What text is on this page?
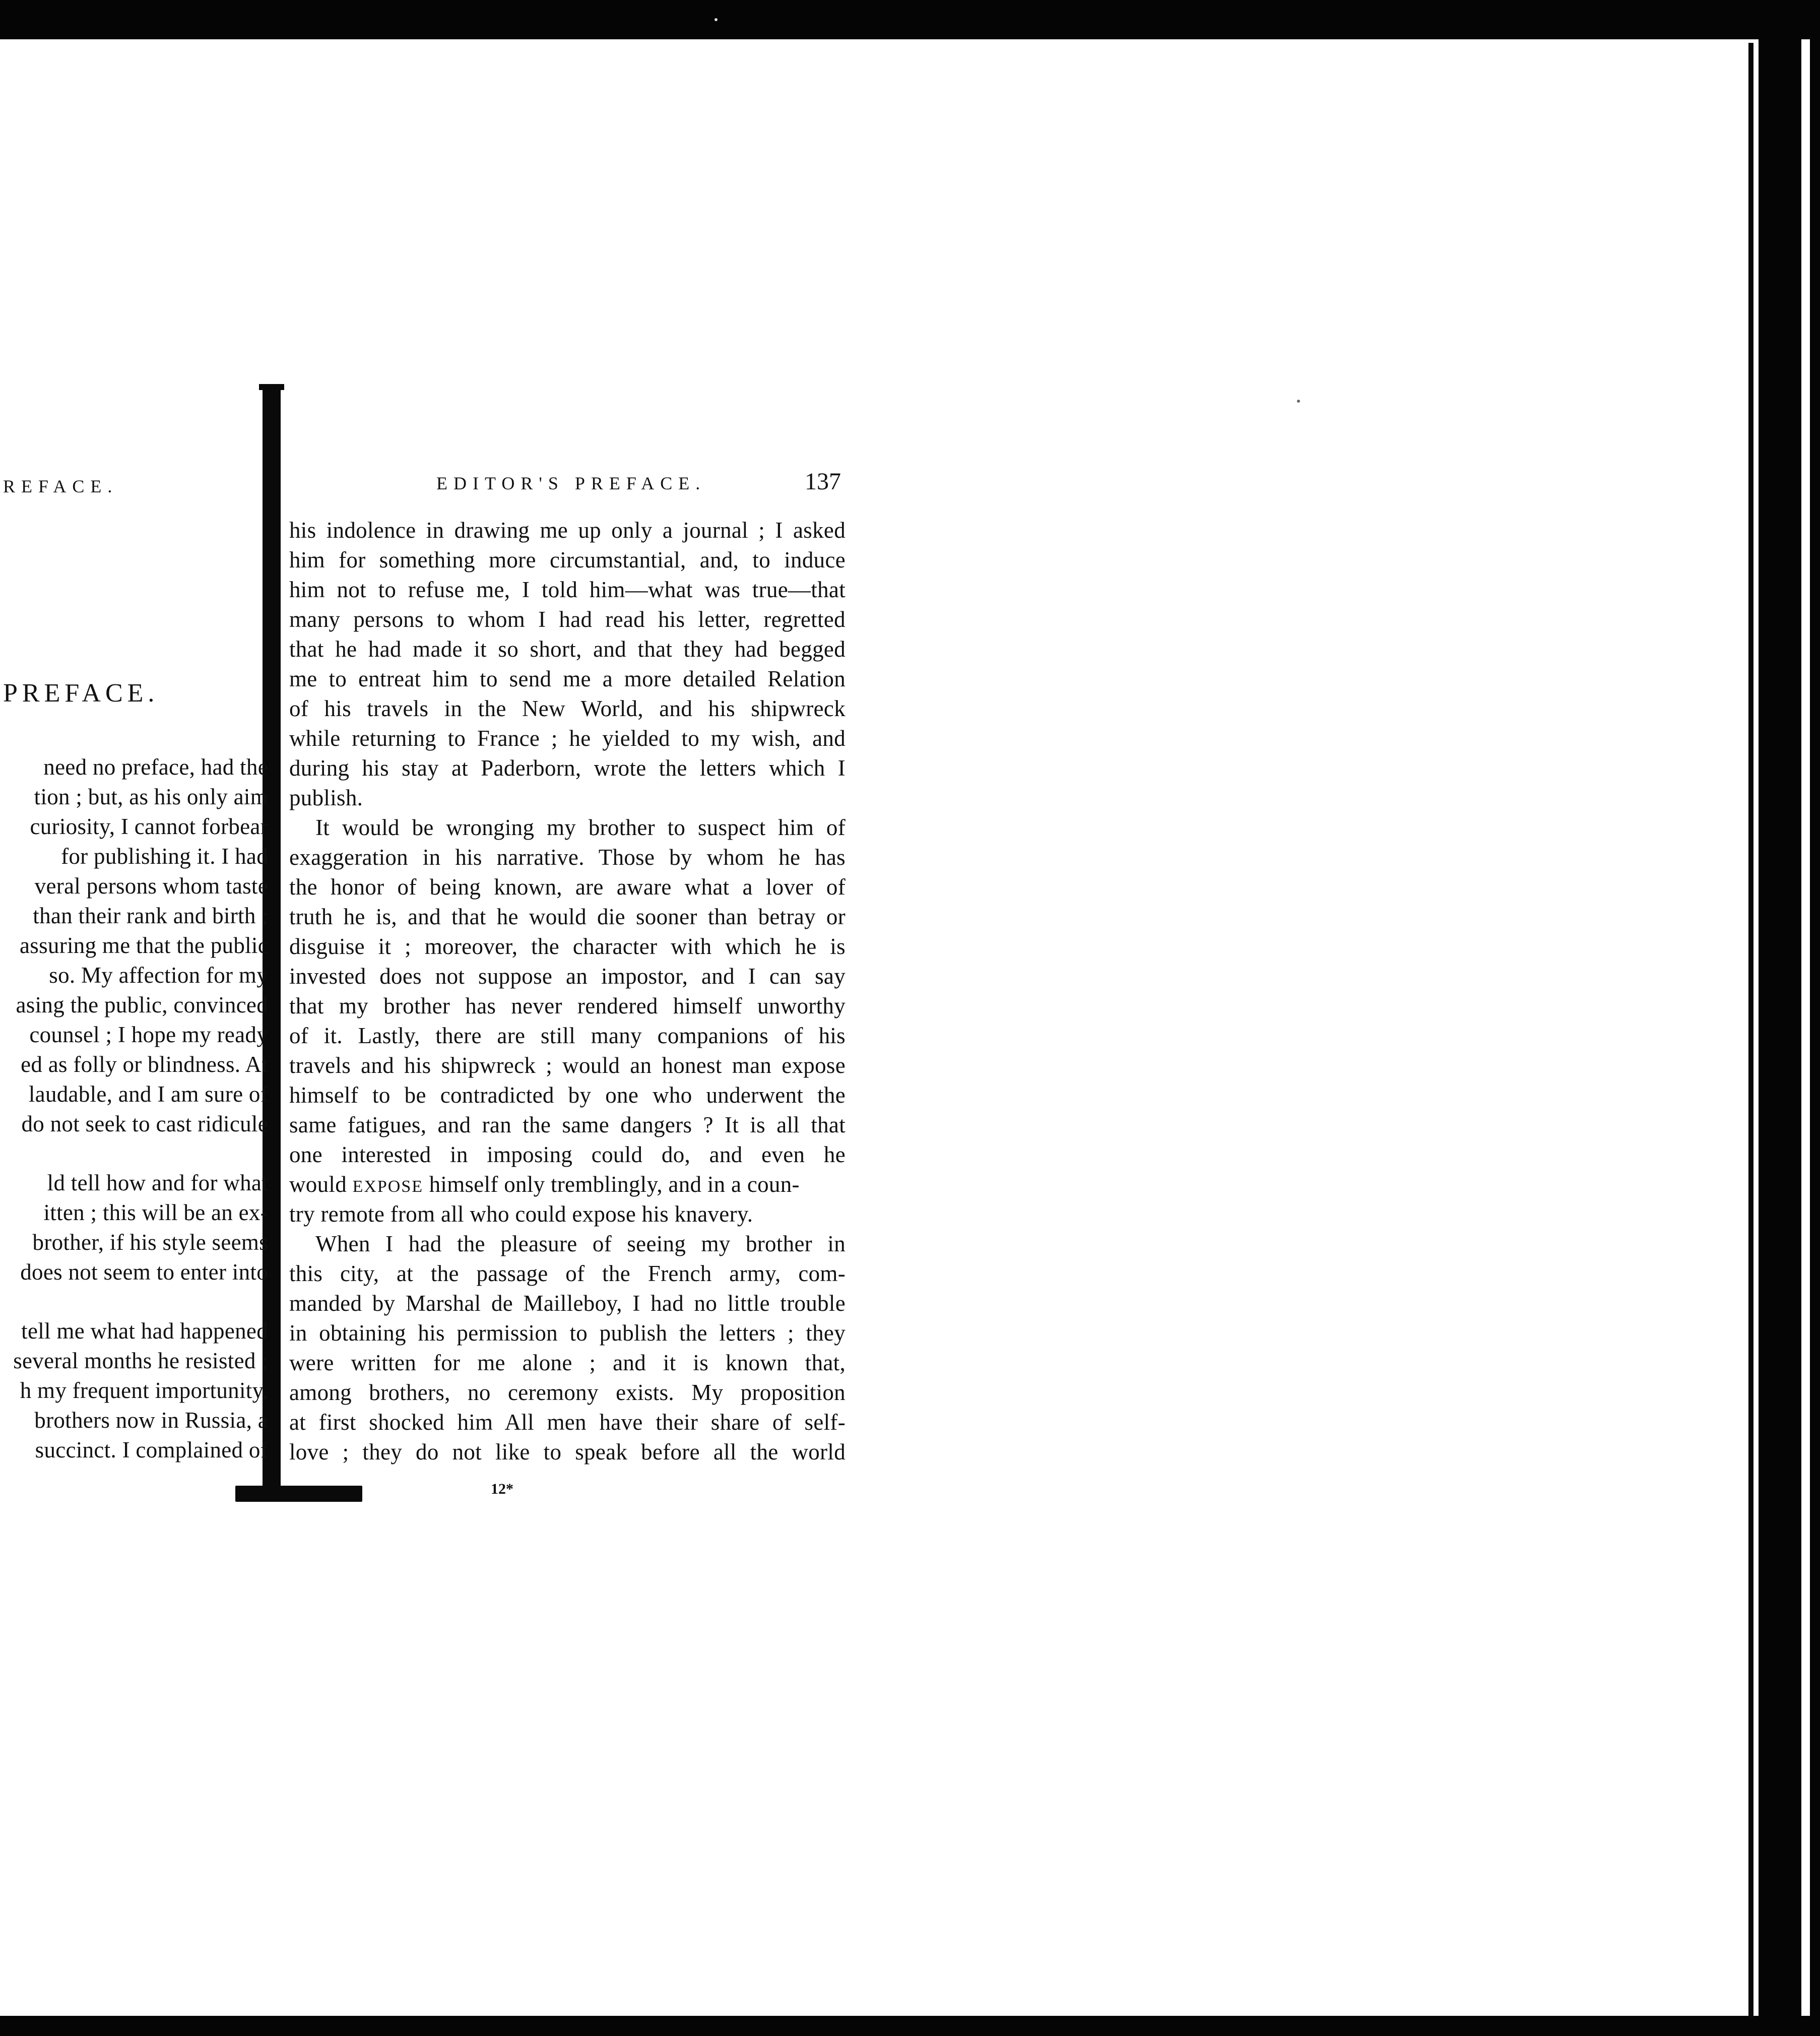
REFACE.
PREFACE.
need no preface, had the
tion ; but, as his only aim
curiosity, I cannot forbear
for publishing it. I had
veral persons whom taste
than their rank and birth ;
assuring me that the public
so. My affection for my
asing the public, convinced
counsel ; I hope my ready
ed as folly or blindness. At
laudable, and I am sure of
do not seek to cast ridicule
ld tell how and for what
itten ; this will be an ex-
brother, if his style seems
does not seem to enter into
tell me what had happened
several months he resisted ;
h my frequent importunity,
brothers now in Russia, a
succinct. I complained of
EDITOR'S PREFACE.	137
his indolence in drawing me up only a journal ; I asked
him for something more circumstantial, and, to induce
him not to refuse me, I told him—what was true—that
many persons to whom I had read his letter, regretted
that he had made it so short, and that they had begged
me to entreat him to send me a more detailed Relation
of his travels in the New World, and his shipwreck
while returning to France ; he yielded to my wish, and
during his stay at Paderborn, wrote the letters which I
publish.
It would be wronging my brother to suspect him of
exaggeration in his narrative. Those by whom he has
the honor of being known, are aware what a lover of
truth he is, and that he would die sooner than betray or
disguise it ; moreover, the character with which he is
invested does not suppose an impostor, and I can say
that my brother has never rendered himself unworthy
of it. Lastly, there are still many companions of his
travels and his shipwreck ; would an honest man expose
himself to be contradicted by one who underwent the
same fatigues, and ran the same dangers ? It is all that
one interested in imposing could do, and even he
would EXPOSE himself only tremblingly, and in a coun-
try remote from all who could expose his knavery.
When I had the pleasure of seeing my brother in
this city, at the passage of the French army, com-
manded by Marshal de Mailleboy, I had no little trouble
in obtaining his permission to publish the letters ; they
were written for me alone ; and it is known that,
among brothers, no ceremony exists. My proposition
at first shocked him All men have their share of self-
love ; they do not like to speak before all the world
12*
